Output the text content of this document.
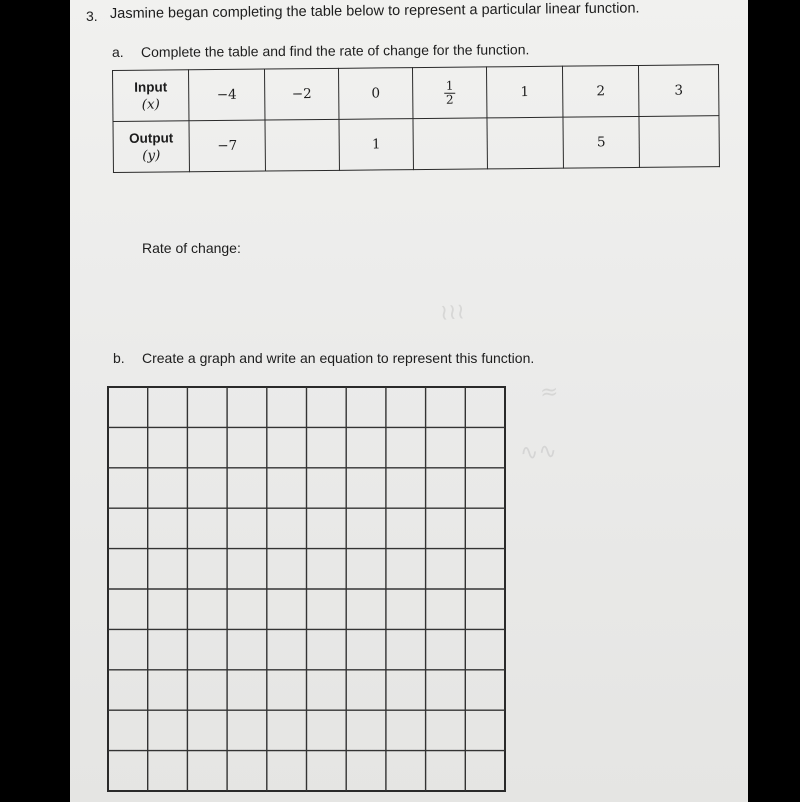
3. Jasmine began completing the table below to represent a particular linear function.
a. Complete the table and find the rate of change for the function.
Input
(x)	−4	−2	0	$\frac{1}{2}$	1	2	3
Output
(y)	−7		1			5	
Rate of change:
b. Create a graph and write an equation to represent this function.
